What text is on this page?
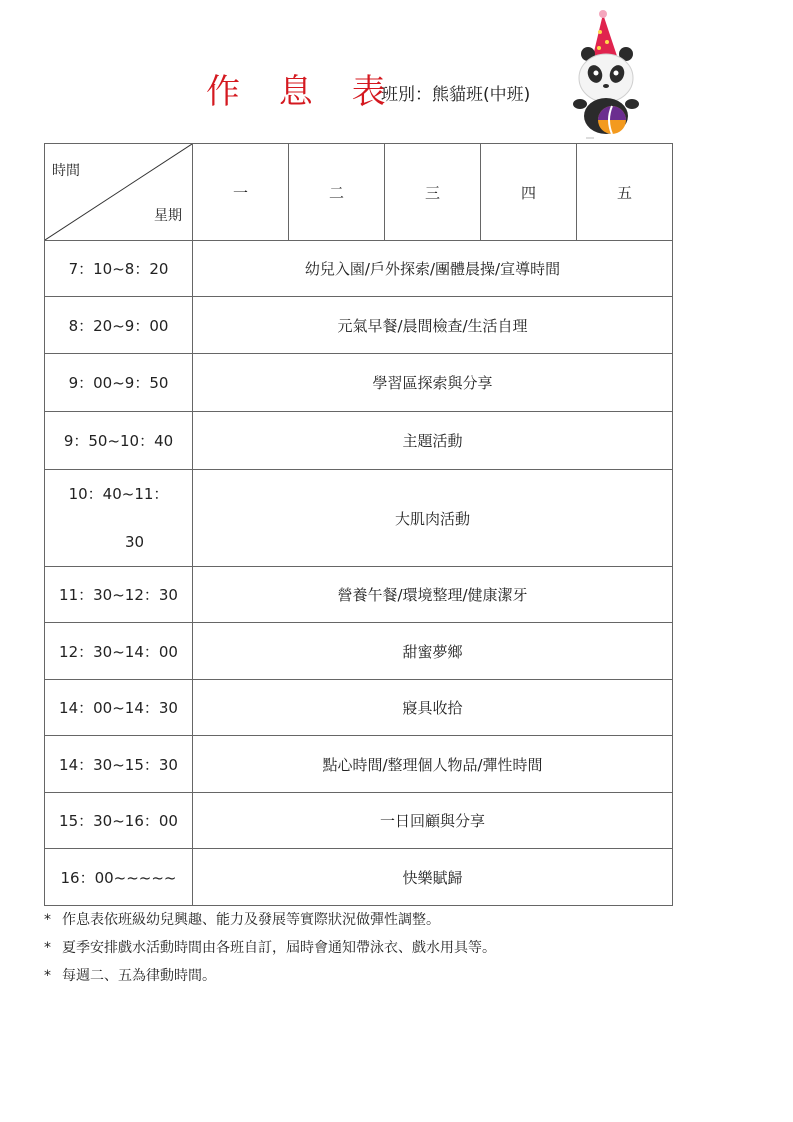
作 息 表
班別：熊貓班(中班)
時間
星期	一	二	三	四	五
7：10~8：20	幼兒入園/戶外探索/團體晨操/宣導時間				
8：20~9：00	元氣早餐/晨間檢查/生活自理				
9：00~9：50	學習區探索與分享				
9：50~10：40	主題活動				

10：40~11：
30	大肌肉活動				
11：30~12：30	營養午餐/環境整理/健康潔牙				
12：30~14：00	甜蜜夢鄉				
14：00~14：30	寢具收拾				
14：30~15：30	點心時間/整理個人物品/彈性時間				
15：30~16：00	一日回顧與分享				
16：00~~~~~	快樂賦歸				
* 作息表依班級幼兒興趣、能力及發展等實際狀況做彈性調整。
* 夏季安排戲水活動時間由各班自訂，屆時會通知帶泳衣、戲水用具等。
* 每週二、五為律動時間。
